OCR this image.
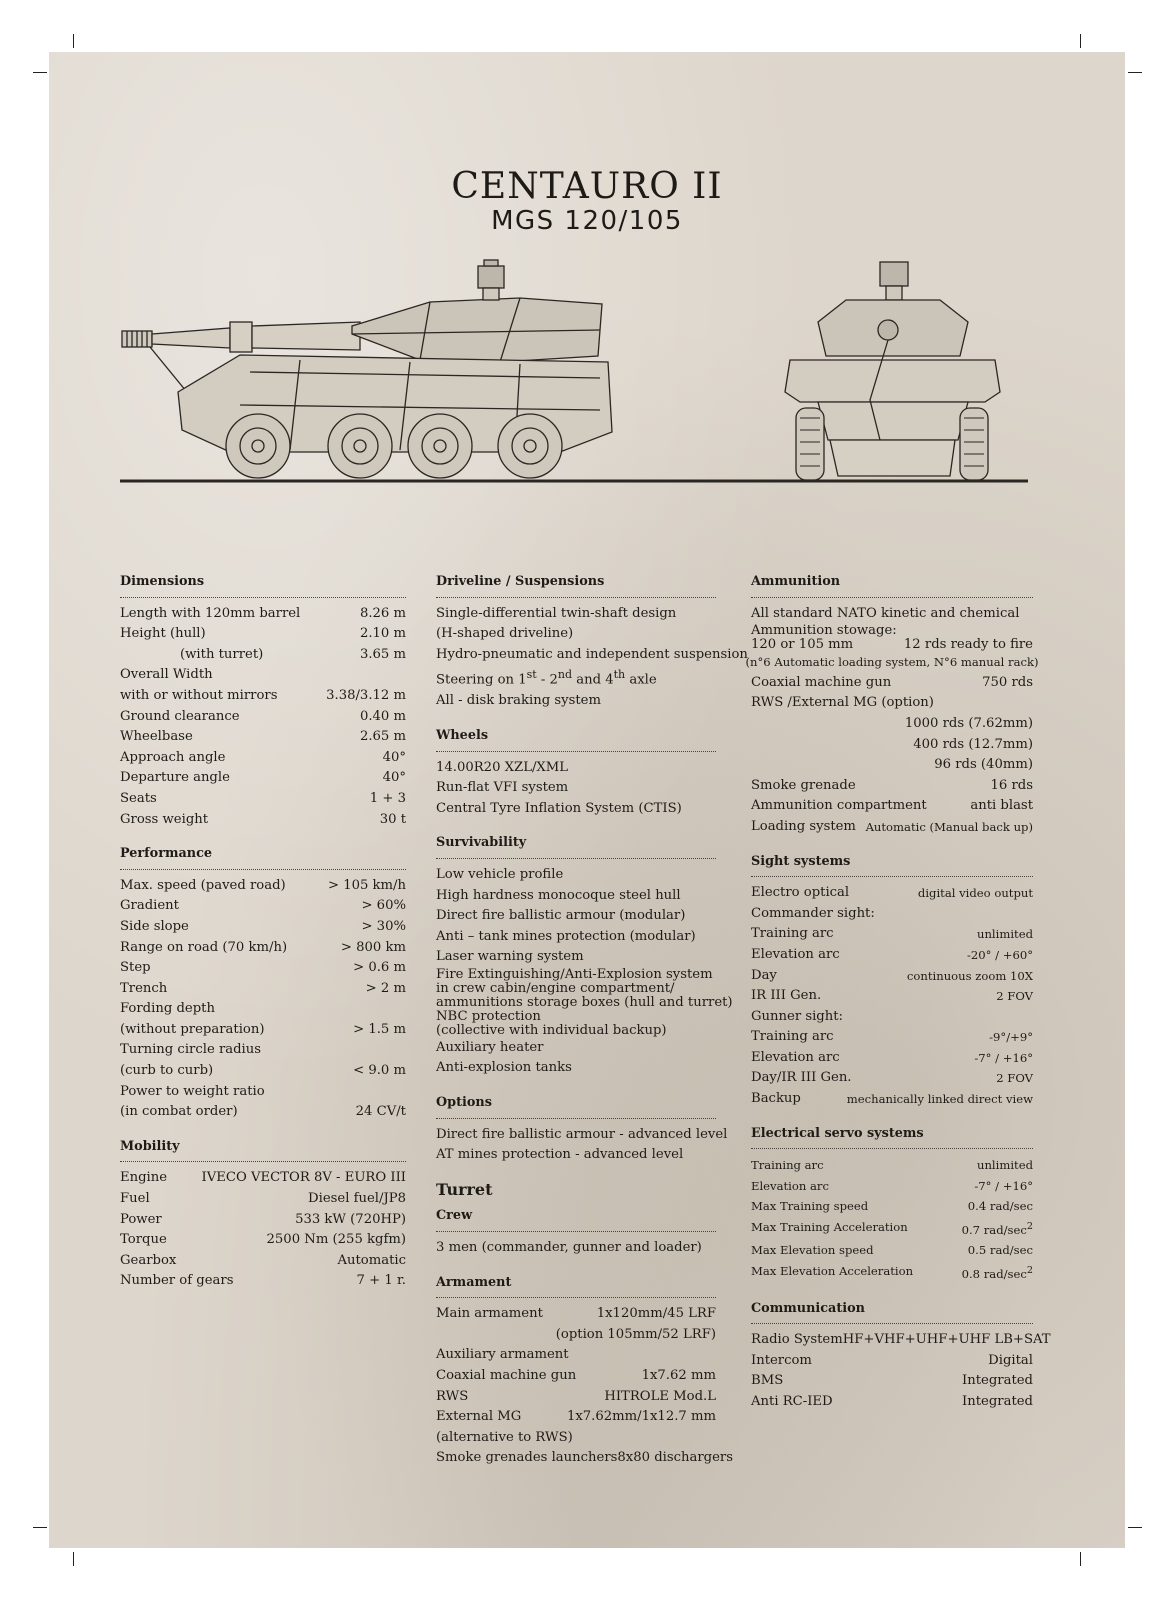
CENTAURO II
MGS 120/105
Dimensions
Length with 120mm barrel	8.26 m
Height (hull)	2.10 m
(with turret)	3.65 m
Overall Width
with or without mirrors	3.38/3.12 m
Ground clearance	0.40 m
Wheelbase	2.65 m
Approach angle	40°
Departure angle	40°
Seats	1 + 3
Gross weight	30 t
Performance
Max. speed (paved road)	> 105 km/h
Gradient	> 60%
Side slope	> 30%
Range on road (70 km/h)	> 800 km
Step	> 0.6 m
Trench	> 2 m
Fording depth
(without preparation)	> 1.5 m
Turning circle radius
(curb to curb)	< 9.0 m
Power to weight ratio
(in combat order)	24 CV/t
Mobility
Engine	IVECO VECTOR 8V - EURO III
Fuel	Diesel fuel/JP8
Power	533 kW (720HP)
Torque	2500 Nm (255 kgfm)
Gearbox	Automatic
Number of gears	7 + 1 r.
Driveline / Suspensions
Single-differential twin-shaft design
(H-shaped driveline)
Hydro-pneumatic and independent suspension
Steering on 1st - 2nd and 4th axle
All - disk braking system
Wheels
14.00R20 XZL/XML
Run-flat VFI system
Central Tyre Inflation System (CTIS)
Survivability
Low vehicle profile
High hardness monocoque steel hull
Direct fire ballistic armour (modular)
Anti – tank mines protection (modular)
Laser warning system
Fire Extinguishing/Anti-Explosion system
in crew cabin/engine compartment/
ammunitions storage boxes (hull and turret)
NBC protection
(collective with individual backup)
Auxiliary heater
Anti-explosion tanks
Options
Direct fire ballistic armour - advanced level
AT mines protection - advanced level
Turret
Crew
3 men (commander, gunner and loader)
Armament
Main armament	1x120mm/45 LRF
(option 105mm/52 LRF)
Auxiliary armament
Coaxial machine gun	1x7.62 mm
RWS	HITROLE Mod.L
External MG	1x7.62mm/1x12.7 mm
(alternative to RWS)
Smoke grenades launchers 8x80 dischargers
Ammunition
All standard NATO kinetic and chemical
Ammunition stowage:
120 or 105 mm	12 rds ready to fire
(n°6 Automatic loading system, N°6 manual rack)
Coaxial machine gun	750 rds
RWS /External MG (option)
1000 rds (7.62mm)
400 rds (12.7mm)
96 rds (40mm)
Smoke grenade	16 rds
Ammunition compartment	anti blast
Loading system Automatic (Manual back up)
Sight systems
Electro optical	digital video output
Commander sight:
Training arc	unlimited
Elevation arc	-20° / +60°
Day	continuous zoom 10X
IR III Gen.	2 FOV
Gunner sight:
Training arc	-9°/+9°
Elevation arc	-7° / +16°
Day/IR III Gen.	2 FOV
Backup	mechanically linked direct view
Electrical servo systems
Training arc	unlimited
Elevation arc	-7° / +16°
Max Training speed	0.4 rad/sec
Max Training Acceleration	0.7 rad/$\sec^2$
Max Elevation speed	0.5 rad/sec
Max Elevation Acceleration	0.8 rad/$\sec^2$
Communication
Radio System HF+VHF+UHF+UHF LB+SAT
Intercom	Digital
BMS	Integrated
Anti RC-IED	Integrated
